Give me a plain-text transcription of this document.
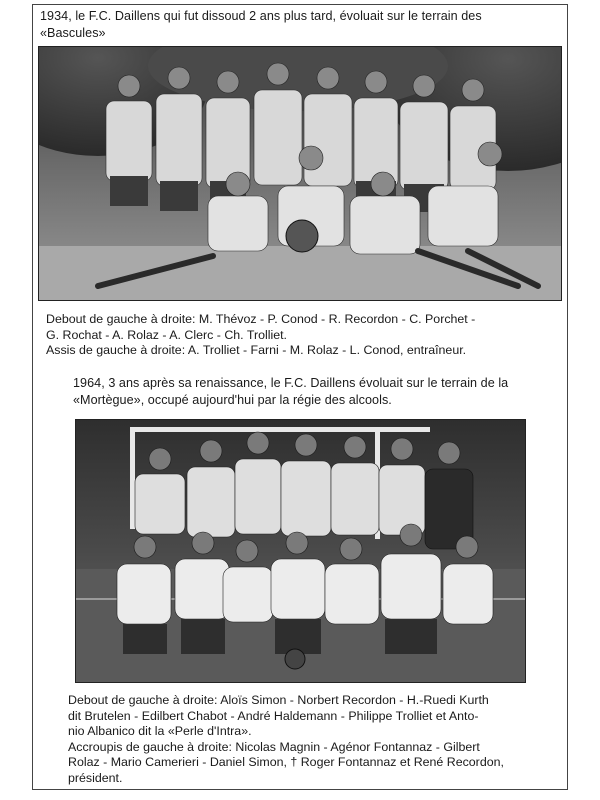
1934, le F.C. Daillens qui fut dissoud 2 ans plus tard, évoluait sur le terrain des
«Bascules»
Debout de gauche à droite: M. Thévoz - P. Conod - R. Recordon - C. Porchet -
G. Rochat - A. Rolaz - A. Clerc - Ch. Trolliet.
Assis de gauche à droite: A. Trolliet - Farni - M. Rolaz - L. Conod, entraîneur.
1964, 3 ans après sa renaissance, le F.C. Daillens évoluait sur le terrain de la
«Mortègue», occupé aujourd'hui par la régie des alcools.
Debout de gauche à droite: Aloïs Simon - Norbert Recordon - H.-Ruedi Kurth
dit Brutelen - Edilbert Chabot - André Haldemann - Philippe Trolliet et Anto-
nio Albanico dit la «Perle d'Intra».
Accroupis de gauche à droite: Nicolas Magnin - Agénor Fontannaz - Gilbert
Rolaz - Mario Camerieri - Daniel Simon, † Roger Fontannaz et René Recordon,
président.
